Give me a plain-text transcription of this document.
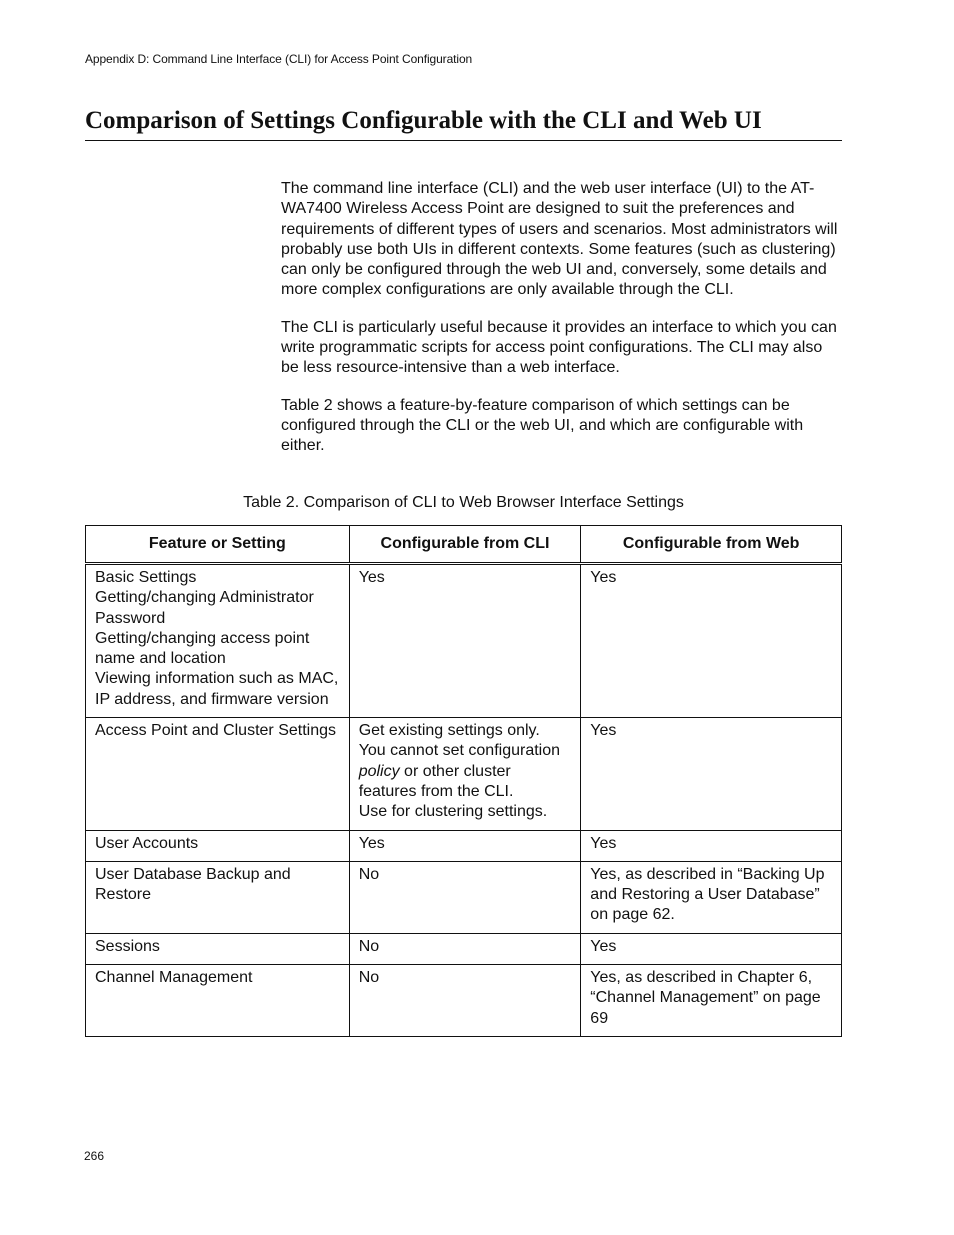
Appendix D: Command Line Interface (CLI) for Access Point Configuration
Comparison of Settings Configurable with the CLI and Web UI

The command line interface (CLI) and the web user interface (UI) to the AT-WA7400 Wireless Access Point are designed to suit the preferences and requirements of different types of users and scenarios. Most administrators will probably use both UIs in different contexts. Some features (such as clustering) can only be configured through the web UI and, conversely, some details and more complex configurations are only available through the CLI.

The CLI is particularly useful because it provides an interface to which you can write programmatic scripts for access point configurations. The CLI may also be less resource-intensive than a web interface.

Table 2 shows a feature-by-feature comparison of which settings can be configured through the CLI or the web UI, and which are configurable with either.

Table 2. Comparison of CLI to Web Browser Interface Settings
Feature or Setting	Configurable from CLI	Configurable from Web

Basic Settings
Getting/changing Administrator Password
Getting/changing access point name and location
Viewing information such as MAC, IP address, and firmware version	Yes	Yes
Access Point and Cluster Settings	Get existing settings only.
You cannot set configuration policy or other cluster features from the CLI.
Use for clustering settings.	Yes
User Accounts	Yes	Yes
User Database Backup and Restore	No	Yes, as described in “Backing Up and Restoring a User Database” on page 62.
Sessions	No	Yes
Channel Management	No	Yes, as described in Chapter 6, “Channel Management” on page 69
266
